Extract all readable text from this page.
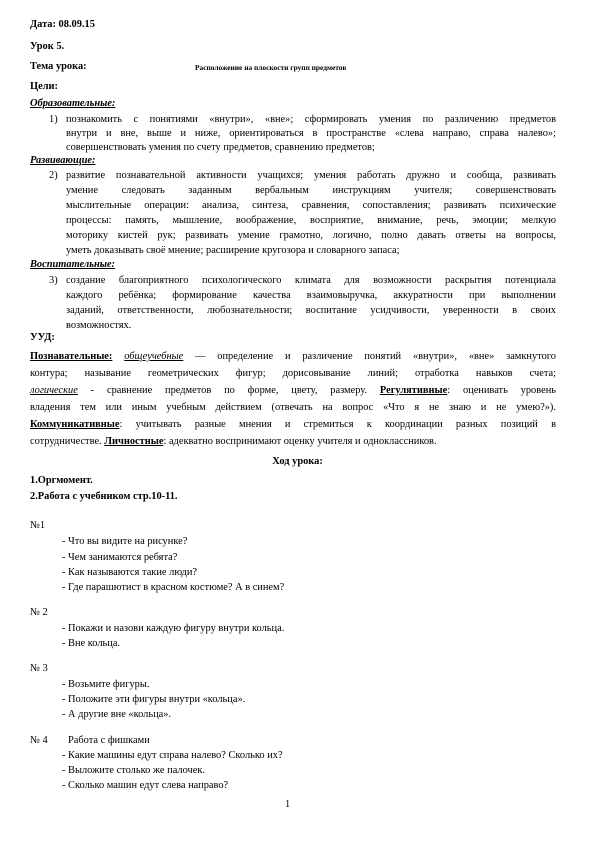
Дата: 08.09.15
Урок 5.
Тема урока:	Расположение на плоскости групп предметов
Цели:
Образовательные:
1) познакомить с понятиями «внутри», «вне»; сформировать умения по различению предметов
внутри и вне, выше и ниже, ориентироваться в пространстве «слева направо, справа налево»;
совершенствовать умения по счету предметов, сравнению предметов;
Развивающие:
2) развитие познавательной активности учащихся; умения работать дружно и сообща, развивать
умение следовать заданным вербальным инструкциям учителя; совершенствовать
мыслительные операции: анализа, синтеза, сравнения, сопоставления; развивать психические
процессы: память, мышление, воображение, восприятие, внимание, речь, эмоции; мелкую
моторику кистей рук; развивать умение грамотно, логично, полно давать ответы на вопросы,
уметь доказывать своё мнение; расширение кругозора и словарного запаса;
Воспитательные:
3) создание благоприятного психологического климата для возможности раскрытия потенциала
каждого ребёнка; формирование качества взаимовыручка, аккуратности при выполнении
заданий, ответственности, любознательности; воспитание усидчивости, уверенности в своих
возможностях.
УУД:
Познавательные: общеучебные — определение и различение понятий «внутри», «вне» замкнутого
контура; называние геометрических фигур; дорисовывание линий; отработка навыков счета;
логические - сравнение предметов по форме, цвету, размеру. Регулятивные: оценивать уровень
владения тем или иным учебным действием (отвечать на вопрос «Что я не знаю и не умею?»).
Коммуникативные: учитывать разные мнения и стремиться к координации разных позиций в
сотрудничестве. Личностные: адекватно воспринимают оценку учителя и одноклассников.
Ход урока:
1.Оргмомент.
2.Работа с учебником стр.10-11.
№1
- Что вы видите на рисунке?
- Чем занимаются ребята?
- Как называются такие люди?
- Где парашютист в красном костюме? А в синем?
№ 2
- Покажи и назови каждую фигуру внутри кольца.
- Вне кольца.
№ 3
- Возьмите фигуры.
- Положите эти фигуры внутри «кольца».
- А другие вне «кольца».
№ 4 Работа с фишками
- Какие машины едут справа налево? Сколько их?
- Выложите столько же палочек.
- Сколько машин едут слева направо?
1
